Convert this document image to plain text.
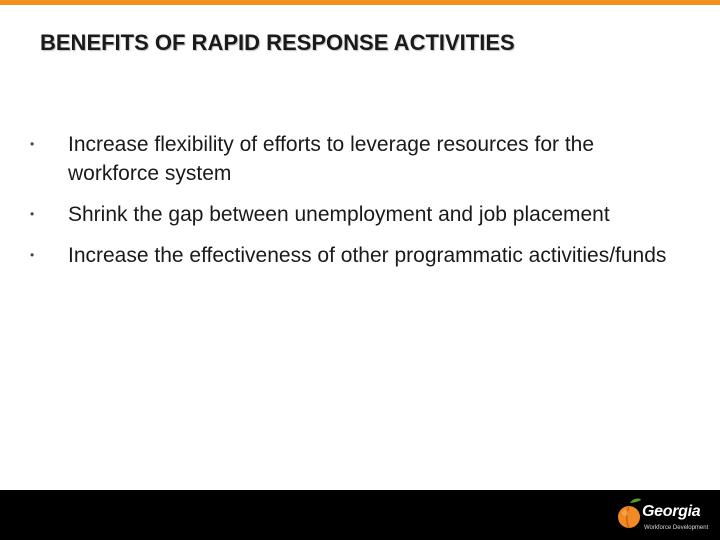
BENEFITS OF RAPID RESPONSE ACTIVITIES
•	Increase flexibility of efforts to leverage resources for the workforce system
•	Shrink the gap between unemployment and job placement
•	Increase the effectiveness of other programmatic activities/funds
Georgia
Workforce Development
